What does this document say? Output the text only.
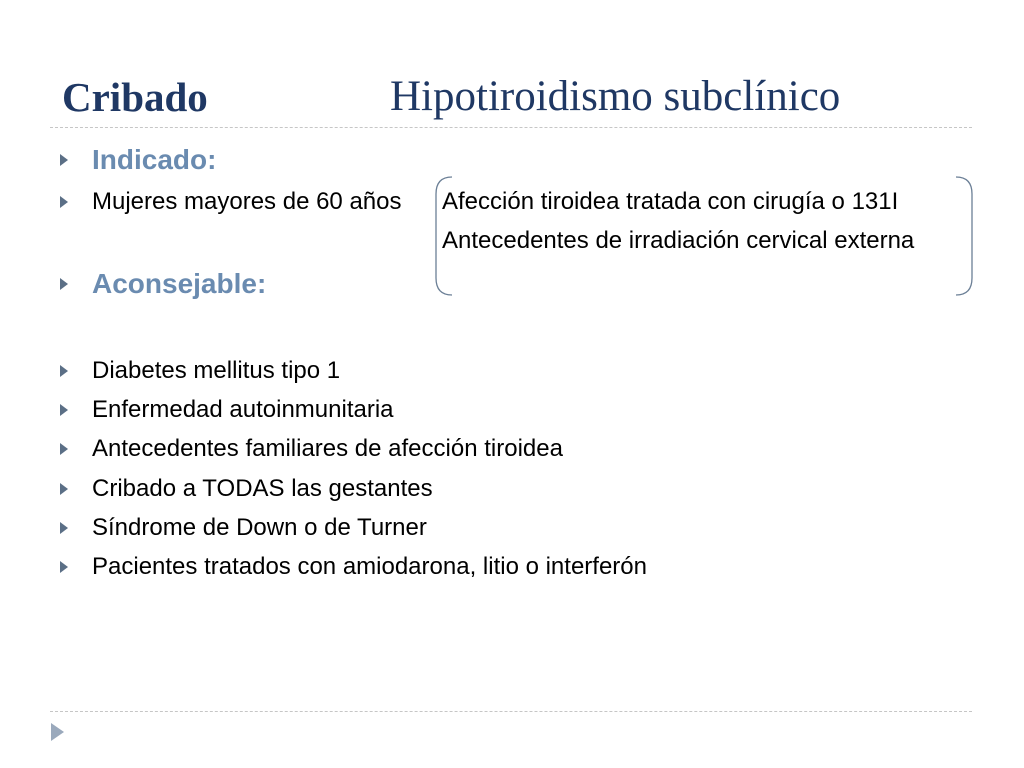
Cribado	Hipotiroidismo subclínico
Indicado:
Mujeres mayores de 60 años Afección tiroidea tratada con cirugía o 131I
Antecedentes de irradiación cervical externa
Aconsejable:
Diabetes mellitus tipo 1
Enfermedad autoinmunitaria
Antecedentes familiares de afección tiroidea
Cribado a TODAS las gestantes
Síndrome de Down o de Turner
Pacientes tratados con amiodarona, litio o interferón
